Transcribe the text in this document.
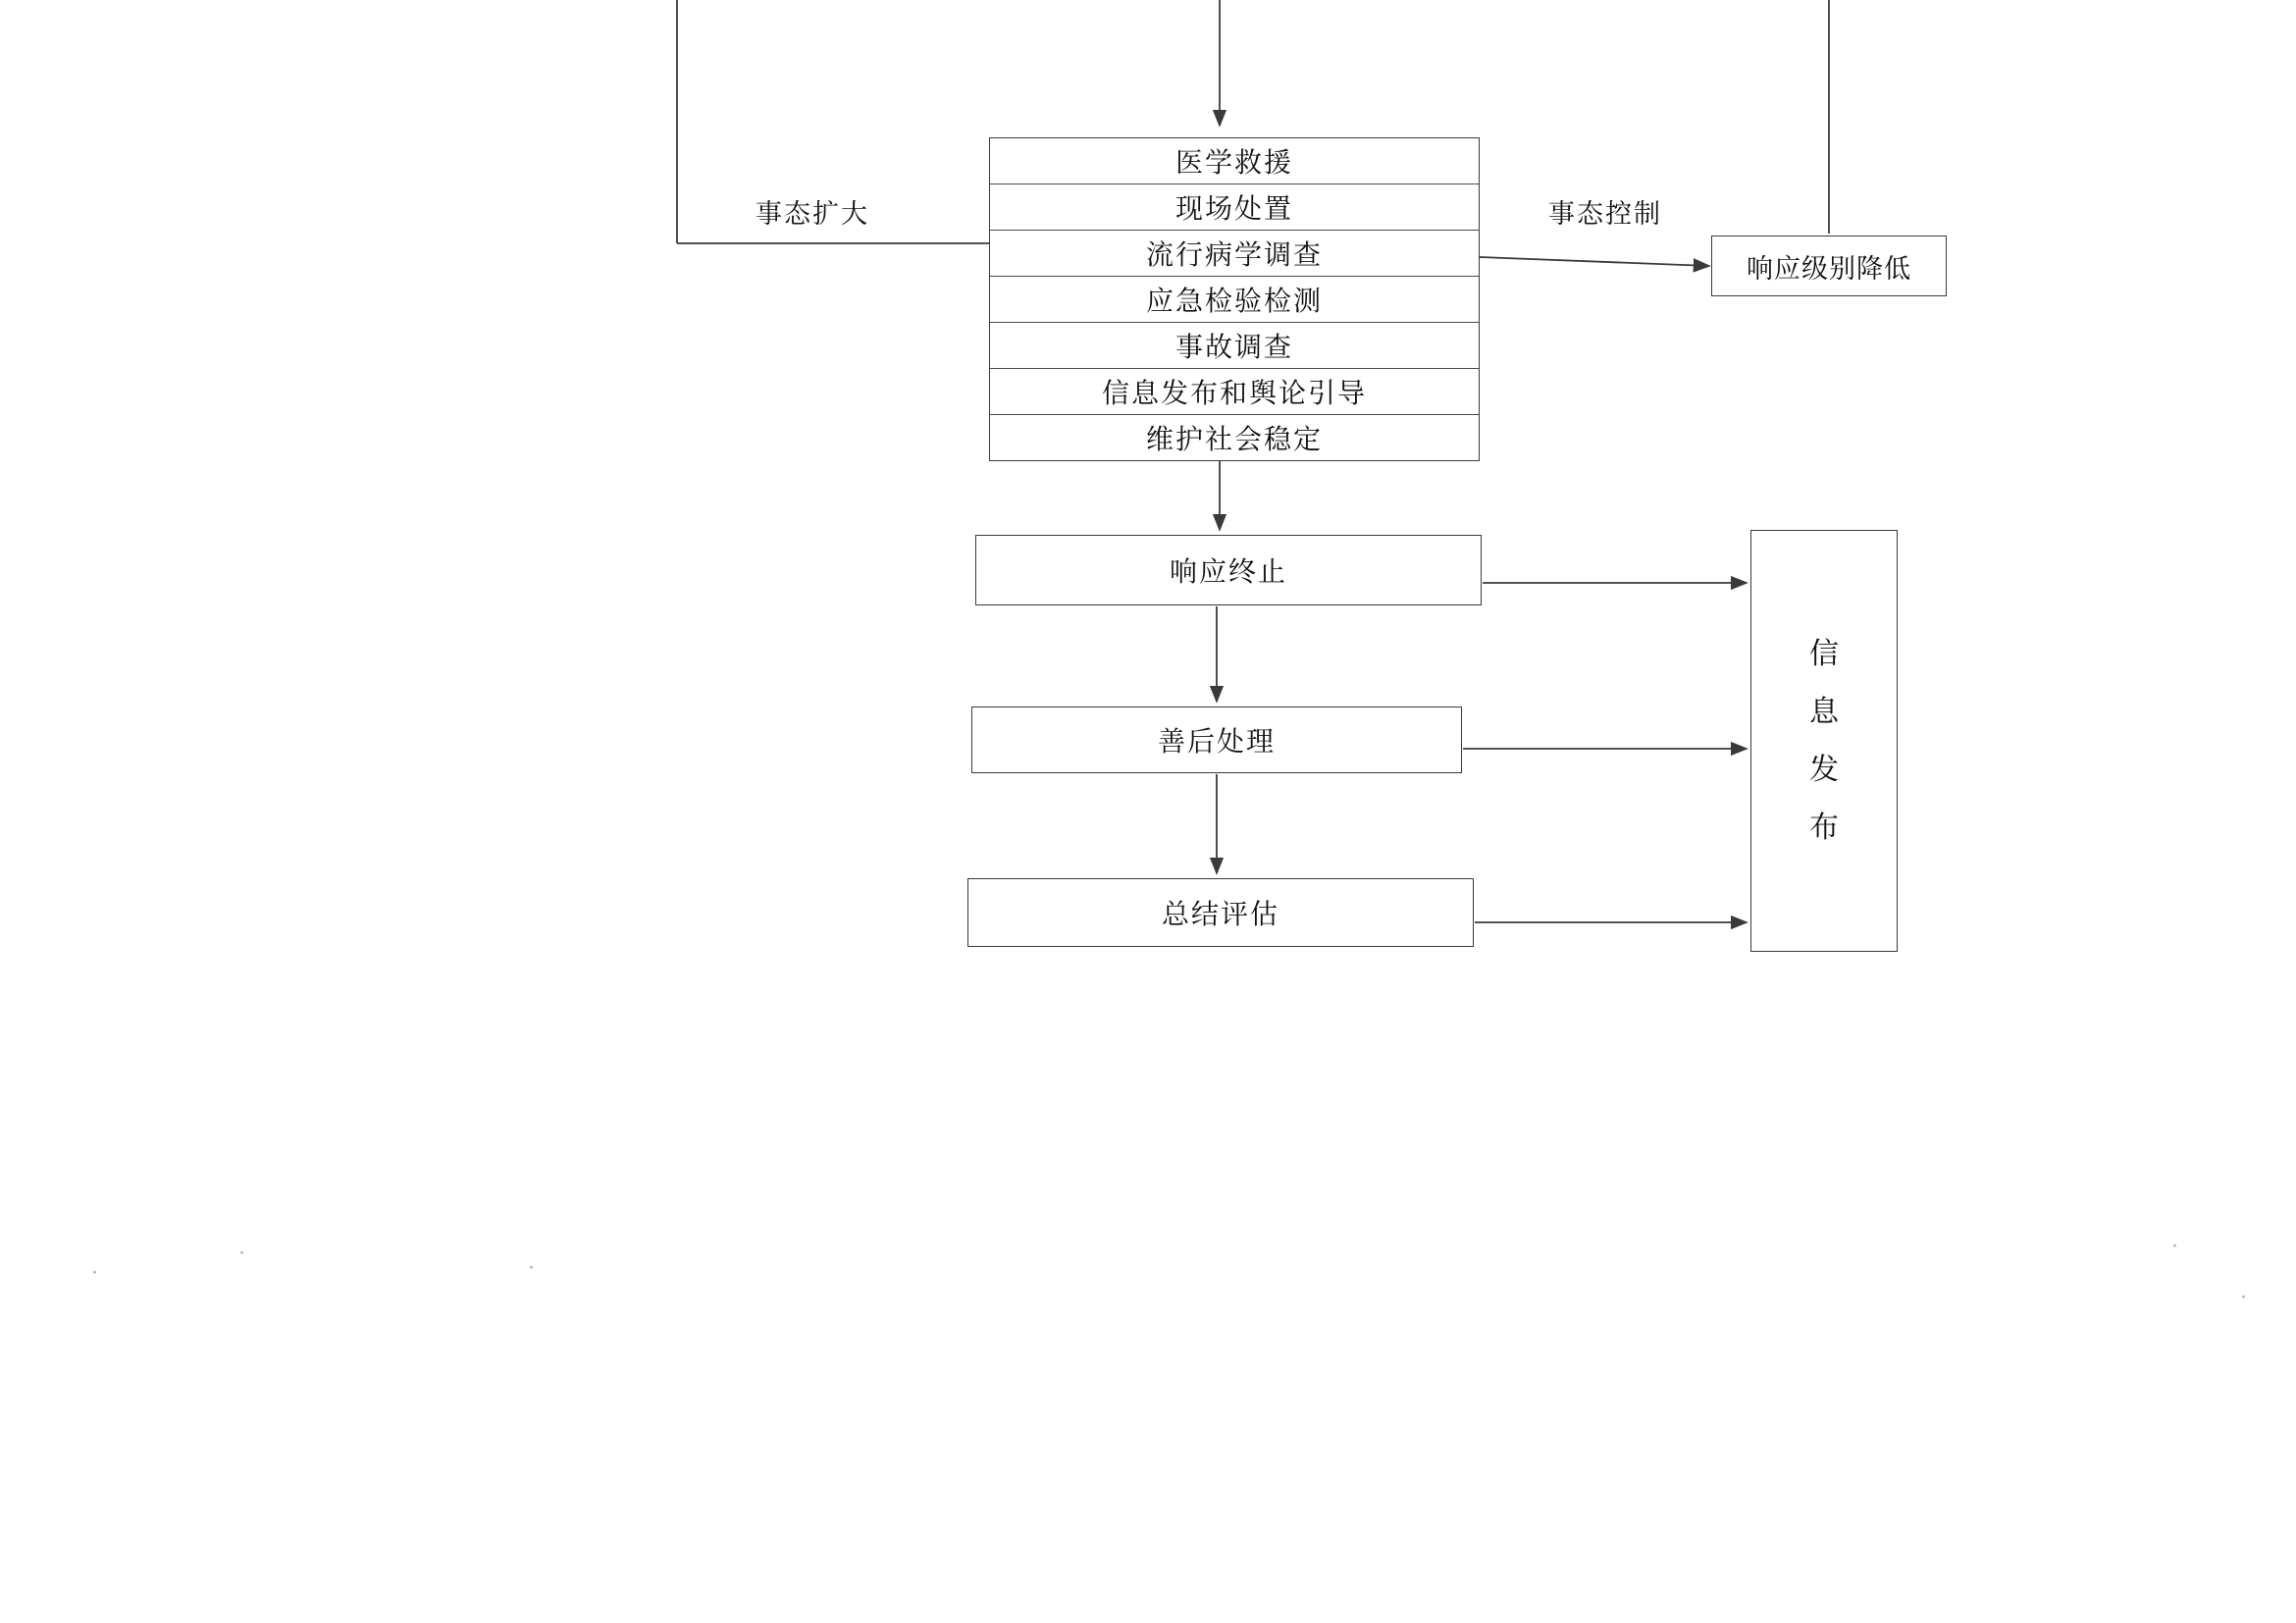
医学救援
现场处置
流行病学调查
应急检验检测
事故调查
信息发布和舆论引导
维护社会稳定
响应终止
善后处理
总结评估
响应级别降低
信
息
发
布
事态扩大	事态控制
